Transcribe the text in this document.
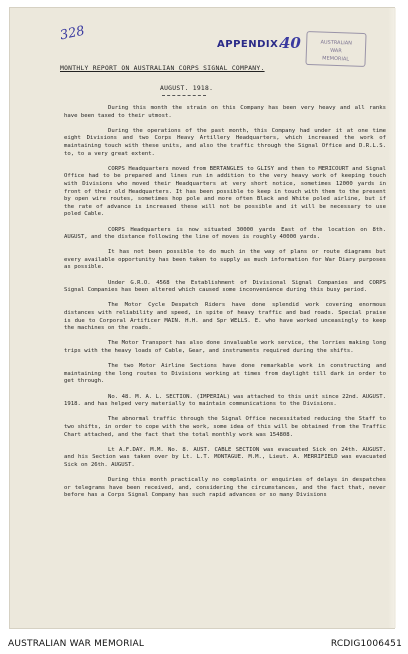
328
APPENDIX.
40	AUSTRALIAN
WAR
MEMORIAL
MONTHLY REPORT ON AUSTRALIAN CORPS SIGNAL COMPANY.
AUGUST. 1918.

During this month the strain on this Company has been very heavy and all ranks have been taxed to their utmost.

During the operations of the past month, this Company had under it at one time eight Divisions and two Corps Heavy Artillery Headquarters, which increased the work of maintaining touch with these units, and also the traffic through the Signal Office and D.R.L.S. to, to a very great extent.

CORPS Headquarters moved from BERTANGLES to GLISY and then to MERICOURT and Signal Office had to be prepared and lines run in addition to the very heavy work of keeping touch with Divisions who moved their Headquarters at very short notice, sometimes 12000 yards in front of their old Headquarters. It has been possible to keep in touch with them to the present by open wire routes, sometimes hop pole and more often Black and White poled airline, but if the rate of advance is increased these will not be possible and it will be necessary to use poled Cable.

CORPS Headquarters is now situated 30000 yards East of the location on 8th. AUGUST, and the distance following the line of moves is roughly 40000 yards.

It has not been possible to do much in the way of plans or route diagrams but every available opportunity has been taken to supply as much information for War Diary purposes as possible.

Under G.R.O. 4568 the Establishment of Divisional Signal Companies and CORPS Signal Companies has been altered which caused some inconvenience during this busy period.

The Motor Cycle Despatch Riders have done splendid work covering enormous distances with reliability and speed, in spite of heavy traffic and bad roads. Special praise is due to Corporal Artificer MAIN. H.H. and Spr WELLS. E. who have worked unceasingly to keep the machines on the roads.

The Motor Transport has also done invaluable work service, the lorries making long trips with the heavy loads of Cable, Gear, and instruments required during the shifts.

The two Motor Airline Sections have done remarkable work in constructing and maintaining the long routes to Divisions working at times from daylight till dark in order to get through.

No. 48. M. A. L. SECTION. (IMPERIAL) was attached to this unit since 22nd. AUGUST. 1918. and has helped very materially to maintain communications to the Divisions.

The abnormal traffic through the Signal Office necessitated reducing the Staff to two shifts, in order to cope with the work, some idea of this will be obtained from the Traffic Chart attached, and the fact that the total monthly work was 154808.

Lt A.F.DAY. M.M. No. 8. AUST. CABLE SECTION was evacuated Sick on 24th. AUGUST. and his Section was taken over by Lt. L.T. MONTAGUE. M.M., Lieut. A. MERRIFIELD was evacuated Sick on 26th. AUGUST.

During this month practically no complaints or enquiries of delays in despatches or telegrams have been received, and, considering the circumstances, and the fact that, never before has a Corps Signal Company has such rapid advances or so many Divisions

AUSTRALIAN WAR MEMORIAL	RCDIG1006451
